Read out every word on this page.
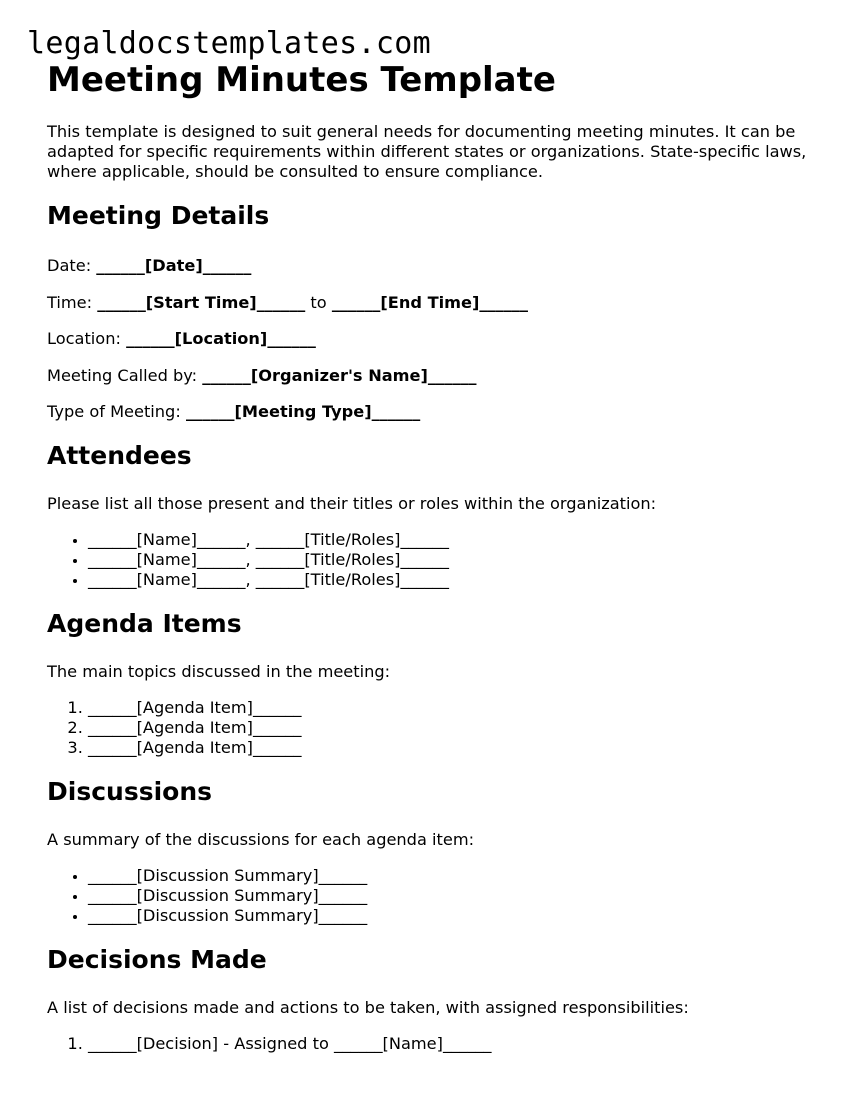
legaldocstemplates.com
Meeting Minutes Template

This template is designed to suit general needs for documenting meeting minutes. It can be adapted for specific requirements within different states or organizations. State-specific laws, where applicable, should be consulted to ensure compliance.

Meeting Details

Date: ______[Date]______

Time: ______[Start Time]______ to ______[End Time]______

Location: ______[Location]______

Meeting Called by: ______[Organizer's Name]______

Type of Meeting: ______[Meeting Type]______

Attendees

Please list all those present and their titles or roles within the organization:

• ______[Name]______, ______[Title/Roles]______
• ______[Name]______, ______[Title/Roles]______
• ______[Name]______, ______[Title/Roles]______
Agenda Items

The main topics discussed in the meeting:

1. ______[Agenda Item]______
2. ______[Agenda Item]______
3. ______[Agenda Item]______
Discussions

A summary of the discussions for each agenda item:

• ______[Discussion Summary]______
• ______[Discussion Summary]______
• ______[Discussion Summary]______
Decisions Made

A list of decisions made and actions to be taken, with assigned responsibilities:

1. ______[Decision] - Assigned to ______[Name]______
